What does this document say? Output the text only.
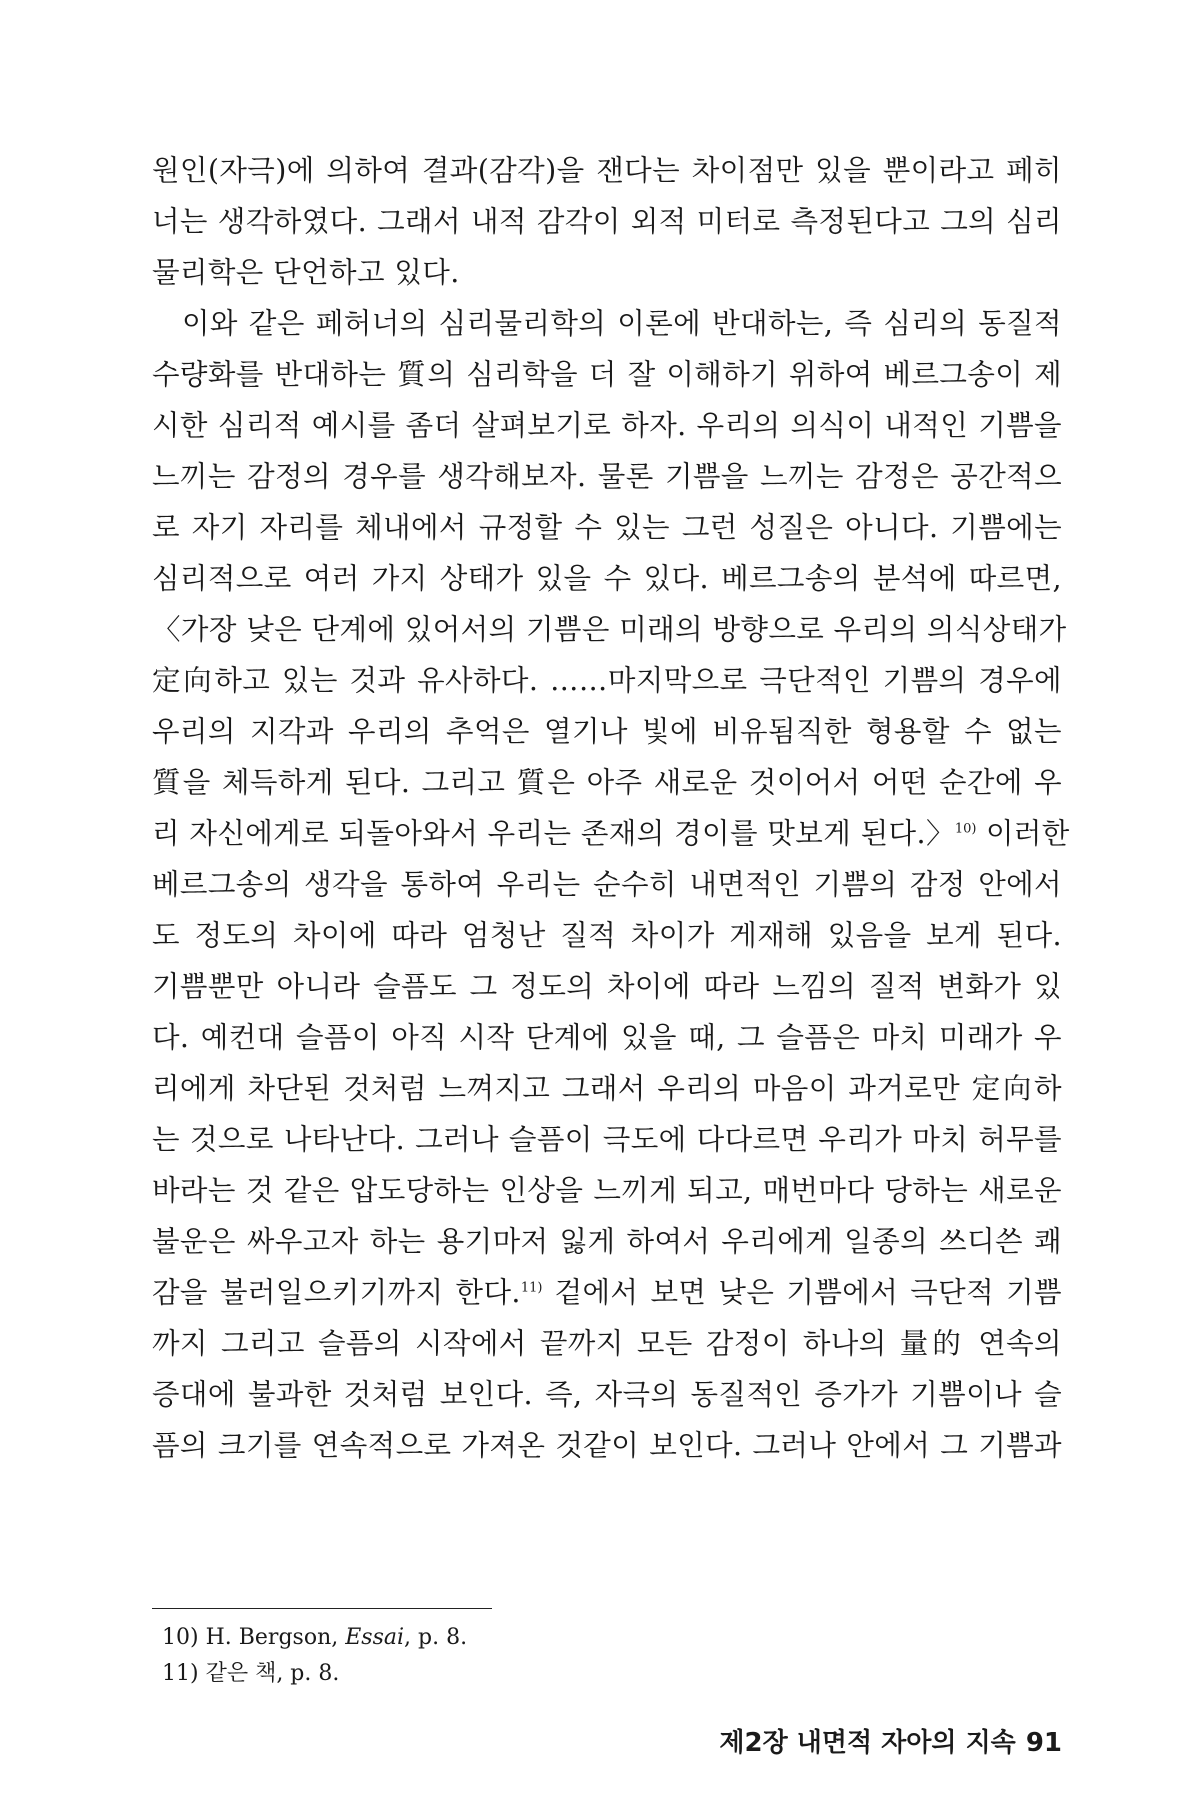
원인(자극)에 의하여 결과(감각)을 잰다는 차이점만 있을 뿐이라고 페히
너는 생각하였다. 그래서 내적 감각이 외적 미터로 측정된다고 그의 심리
물리학은 단언하고 있다.
이와 같은 페허너의 심리물리학의 이론에 반대하는, 즉 심리의 동질적
수량화를 반대하는 質의 심리학을 더 잘 이해하기 위하여 베르그송이 제
시한 심리적 예시를 좀더 살펴보기로 하자. 우리의 의식이 내적인 기쁨을
느끼는 감정의 경우를 생각해보자. 물론 기쁨을 느끼는 감정은 공간적으
로 자기 자리를 체내에서 규정할 수 있는 그런 성질은 아니다. 기쁨에는
심리적으로 여러 가지 상태가 있을 수 있다. 베르그송의 분석에 따르면,
〈가장 낮은 단계에 있어서의 기쁨은 미래의 방향으로 우리의 의식상태가
定向하고 있는 것과 유사하다. ……마지막으로 극단적인 기쁨의 경우에
우리의 지각과 우리의 추억은 열기나 빛에 비유됨직한 형용할 수 없는
質을 체득하게 된다. 그리고 質은 아주 새로운 것이어서 어떤 순간에 우
리 자신에게로 되돌아와서 우리는 존재의 경이를 맛보게 된다.〉$^{10)}$ 이러한
베르그송의 생각을 통하여 우리는 순수히 내면적인 기쁨의 감정 안에서
도 정도의 차이에 따라 엄청난 질적 차이가 게재해 있음을 보게 된다.
기쁨뿐만 아니라 슬픔도 그 정도의 차이에 따라 느낌의 질적 변화가 있
다. 예컨대 슬픔이 아직 시작 단계에 있을 때, 그 슬픔은 마치 미래가 우
리에게 차단된 것처럼 느껴지고 그래서 우리의 마음이 과거로만 定向하
는 것으로 나타난다. 그러나 슬픔이 극도에 다다르면 우리가 마치 허무를
바라는 것 같은 압도당하는 인상을 느끼게 되고, 매번마다 당하는 새로운
불운은 싸우고자 하는 용기마저 잃게 하여서 우리에게 일종의 쓰디쓴 쾌
감을 불러일으키기까지 한다.$^{11)}$ 겉에서 보면 낮은 기쁨에서 극단적 기쁨
까지 그리고 슬픔의 시작에서 끝까지 모든 감정이 하나의 量的 연속의
증대에 불과한 것처럼 보인다. 즉, 자극의 동질적인 증가가 기쁨이나 슬
픔의 크기를 연속적으로 가져온 것같이 보인다. 그러나 안에서 그 기쁨과
10) H. Bergson, Essai, p. 8.
11) 같은 책, p. 8.
제2장 내면적 자아의 지속 91
